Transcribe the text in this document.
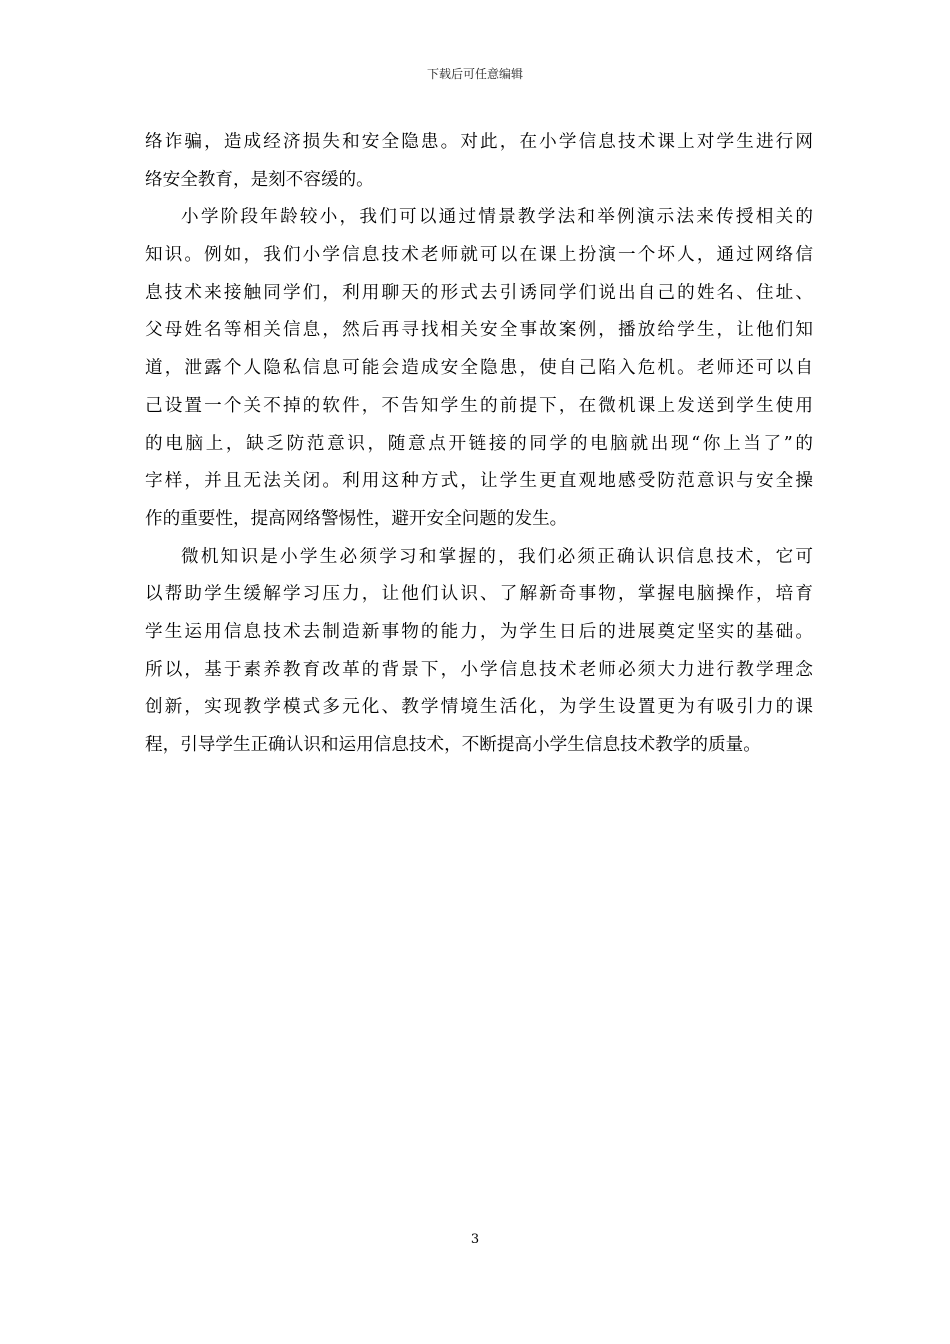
下载后可任意编辑
络诈骗，造成经济损失和安全隐患。对此，在小学信息技术课上对学生进行网
络安全教育，是刻不容缓的。
小学阶段年龄较小，我们可以通过情景教学法和举例演示法来传授相关的
知识。例如，我们小学信息技术老师就可以在课上扮演一个坏人，通过网络信
息技术来接触同学们，利用聊天的形式去引诱同学们说出自己的姓名、住址、
父母姓名等相关信息，然后再寻找相关安全事故案例，播放给学生，让他们知
道，泄露个人隐私信息可能会造成安全隐患，使自己陷入危机。老师还可以自
己设置一个关不掉的软件，不告知学生的前提下，在微机课上发送到学生使用
的电脑上，缺乏防范意识，随意点开链接的同学的电脑就出现“你上当了”的
字样，并且无法关闭。利用这种方式，让学生更直观地感受防范意识与安全操
作的重要性，提高网络警惕性，避开安全问题的发生。
微机知识是小学生必须学习和掌握的，我们必须正确认识信息技术，它可
以帮助学生缓解学习压力，让他们认识、了解新奇事物，掌握电脑操作，培育
学生运用信息技术去制造新事物的能力，为学生日后的进展奠定坚实的基础。
所以，基于素养教育改革的背景下，小学信息技术老师必须大力进行教学理念
创新，实现教学模式多元化、教学情境生活化，为学生设置更为有吸引力的课
程，引导学生正确认识和运用信息技术，不断提高小学生信息技术教学的质量。
3
